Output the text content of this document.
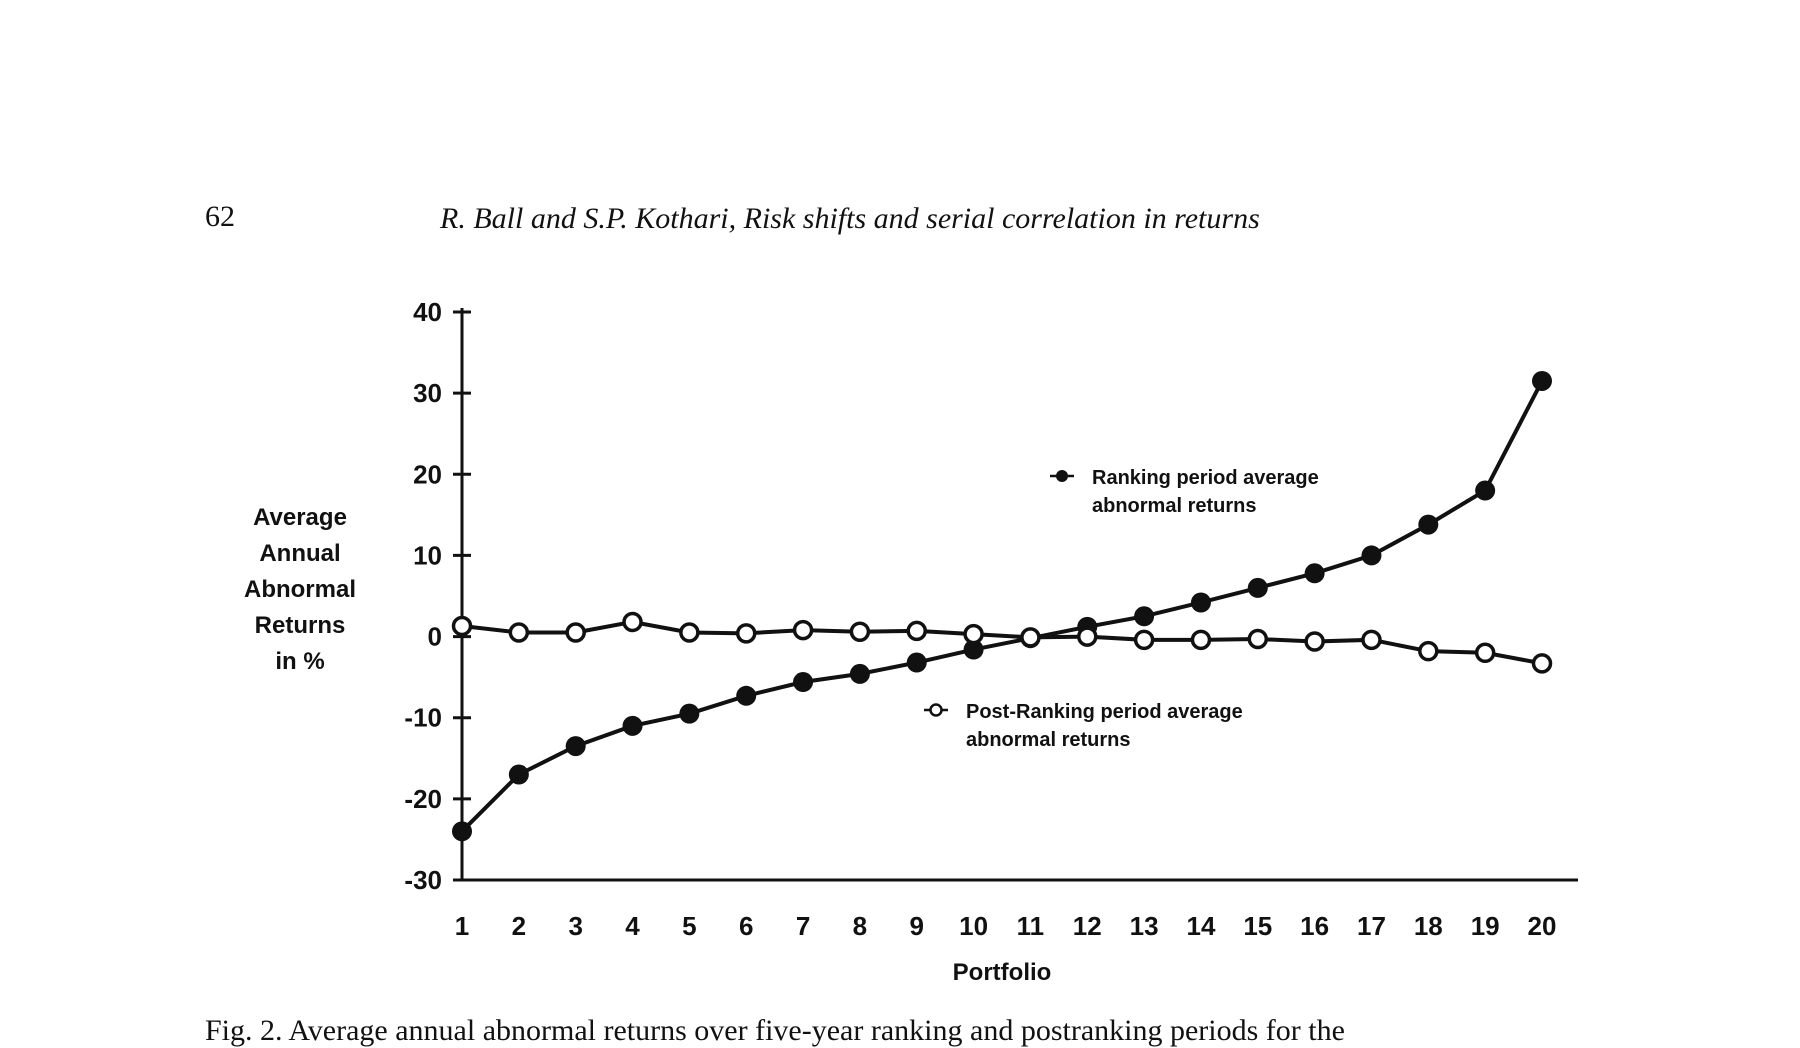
62	R. Ball and S.P. Kothari, Risk shifts and serial correlation in returns
Average
Annual
Abnormal
Returns
in %
1 2 3 4 5 6 7 8 9 10 11 12 13 14 15 16 17 18 19 20
40
30
20
10
0
-10
-20
-30
Portfolio
Ranking period average
abnormal returns
Post-Ranking period average
abnormal returns
Fig. 2. Average annual abnormal returns over five-year ranking and postranking periods for the
